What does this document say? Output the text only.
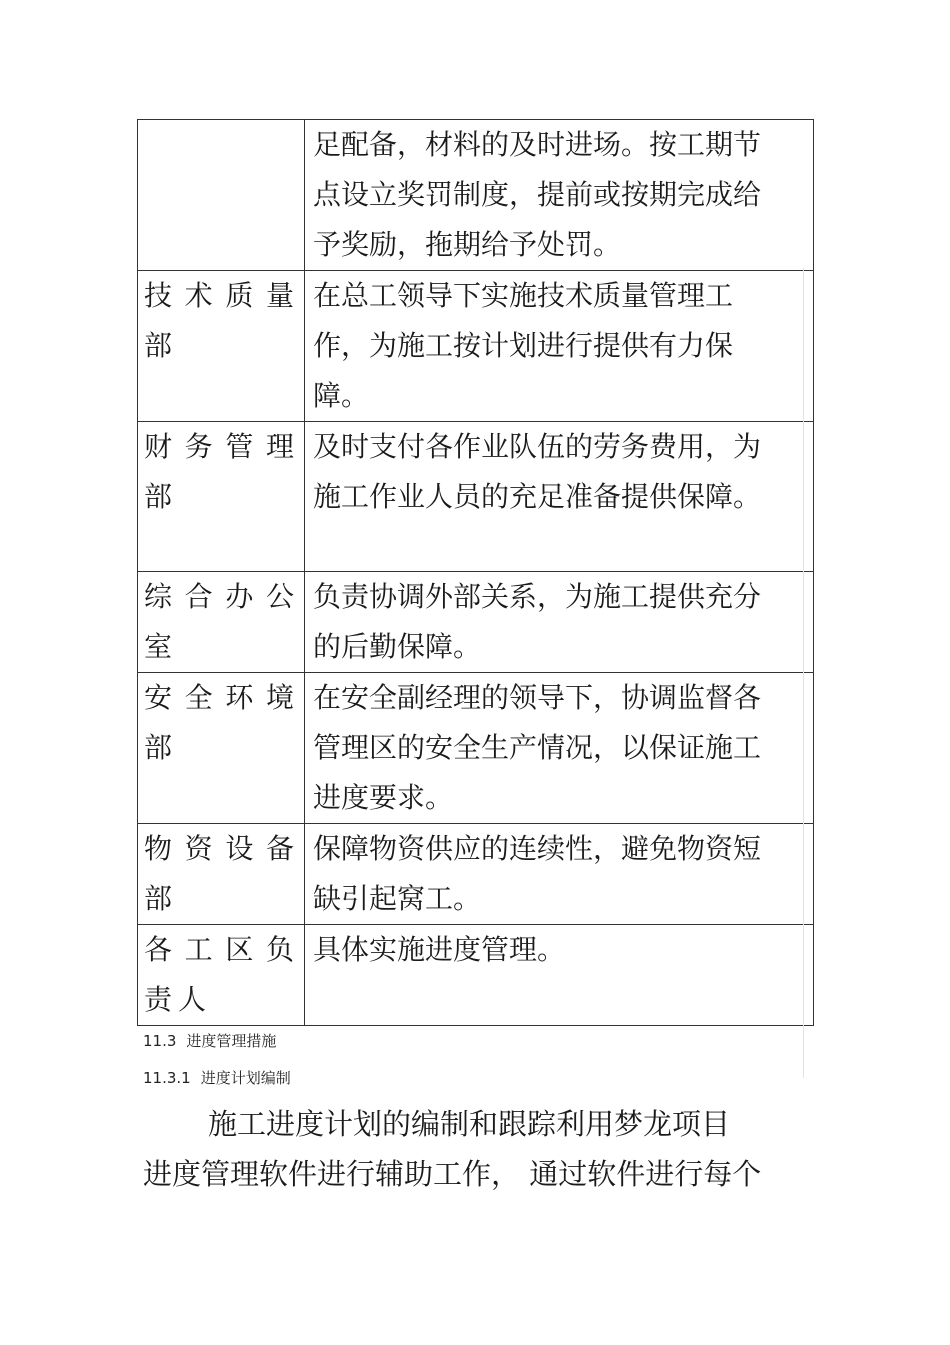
	足配备，材料的及时进场。按工期节点设立奖罚制度，提前或按期完成给予奖励，拖期给予处罚。
技术质量部	在总工领导下实施技术质量管理工作，为施工按计划进行提供有力保障。
财务管理部	及时支付各作业队伍的劳务费用，为施工作业人员的充足准备提供保障。
综合办公室	负责协调外部关系，为施工提供充分的后勤保障。
安全环境部	在安全副经理的领导下，协调监督各管理区的安全生产情况，以保证施工进度要求。
物资设备部	保障物资供应的连续性，避免物资短缺引起窝工。
各工区负责人	具体实施进度管理。
11.3 进度管理措施
11.3.1 进度计划编制
施工进度计划的编制和跟踪利用梦龙项目
进度管理软件进行辅助工作， 通过软件进行每个
